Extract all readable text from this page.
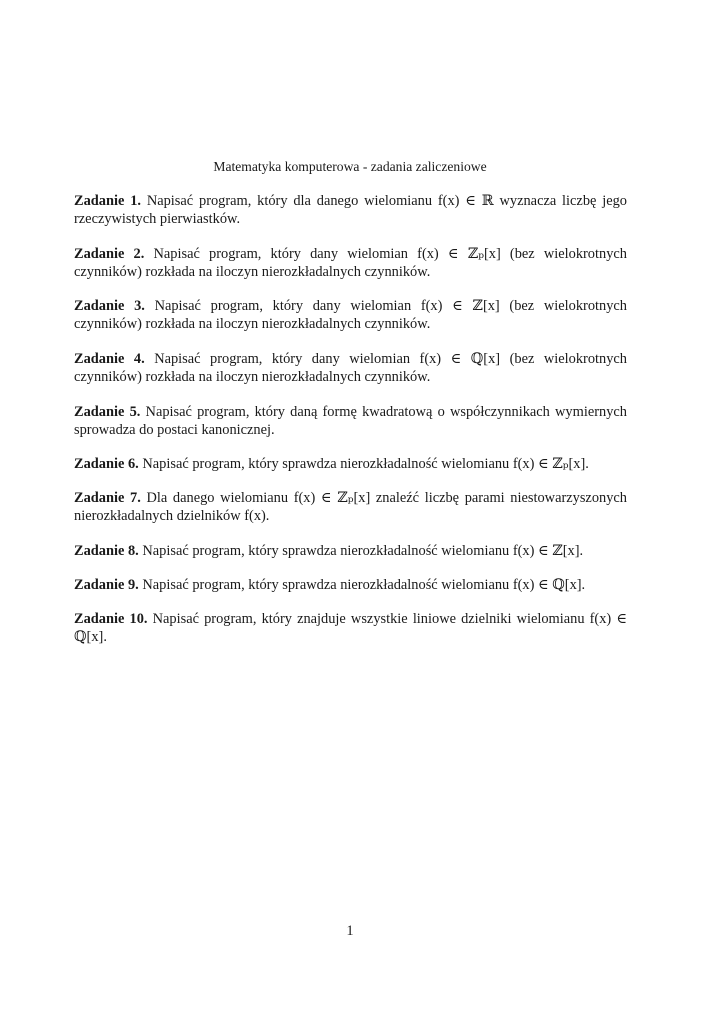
Matematyka komputerowa - zadania zaliczeniowe
Zadanie 1. Napisać program, który dla danego wielomianu f(x) ∈ ℝ wyznacza liczbę jego rzeczywistych pierwiastków.
Zadanie 2. Napisać program, który dany wielomian f(x) ∈ ℤₚ[x] (bez wielokrotnych czynników) rozkłada na iloczyn nierozkładalnych czynników.
Zadanie 3. Napisać program, który dany wielomian f(x) ∈ ℤ[x] (bez wielokrotnych czynników) rozkłada na iloczyn nierozkładalnych czynników.
Zadanie 4. Napisać program, który dany wielomian f(x) ∈ ℚ[x] (bez wielokrotnych czynników) rozkłada na iloczyn nierozkładalnych czynników.
Zadanie 5. Napisać program, który daną formę kwadratową o współczynnikach wymiernych sprowadza do postaci kanonicznej.
Zadanie 6. Napisać program, który sprawdza nierozkładalność wielomianu f(x) ∈ ℤₚ[x].
Zadanie 7. Dla danego wielomianu f(x) ∈ ℤₚ[x] znaleźć liczbę parami niestowarzyszonych nierozkładalnych dzielników f(x).
Zadanie 8. Napisać program, który sprawdza nierozkładalność wielomianu f(x) ∈ ℤ[x].
Zadanie 9. Napisać program, który sprawdza nierozkładalność wielomianu f(x) ∈ ℚ[x].
Zadanie 10. Napisać program, który znajduje wszystkie liniowe dzielniki wielomianu f(x) ∈ ℚ[x].
1
